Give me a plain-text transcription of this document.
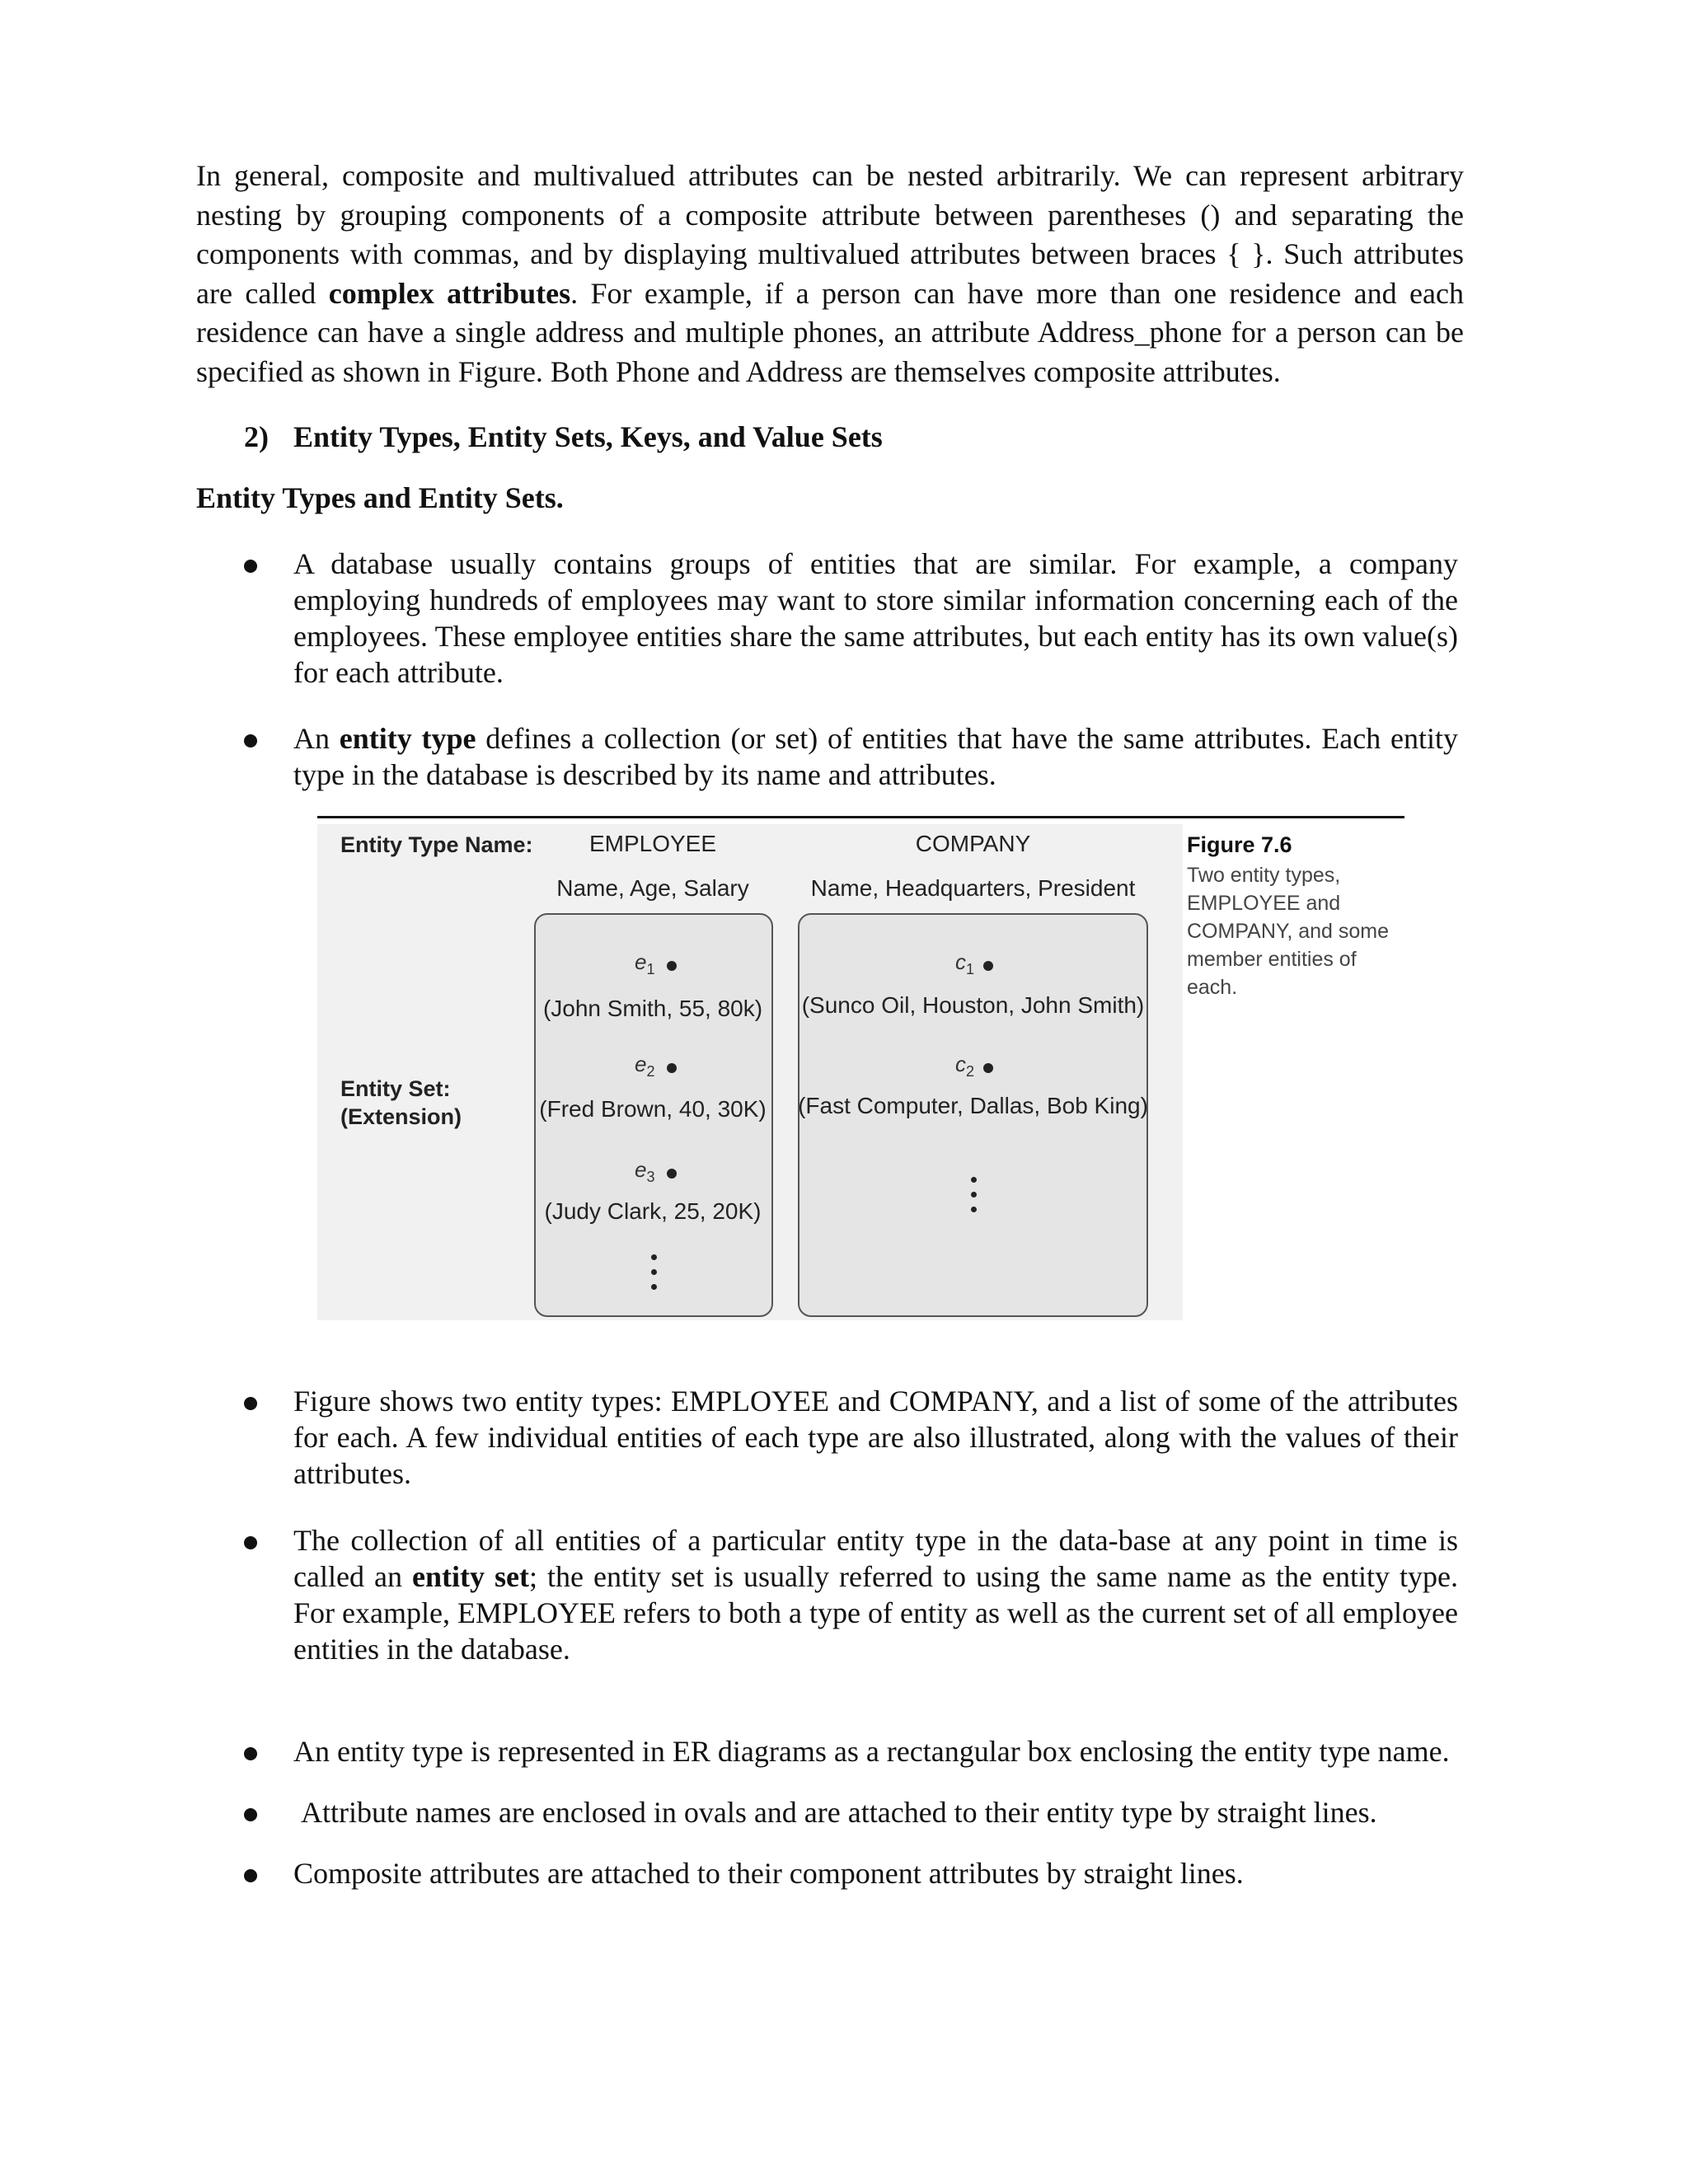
In general, composite and multivalued attributes can be nested arbitrarily. We can represent arbitrary nesting by grouping components of a composite attribute between parentheses () and separating the components with commas, and by displaying multivalued attributes between braces { }. Such attributes are called complex attributes. For example, if a person can have more than one residence and each residence can have a single address and multiple phones, an attribute Address_phone for a person can be specified as shown in Figure. Both Phone and Address are themselves composite attributes.

2) Entity Types, Entity Sets, Keys, and Value Sets

Entity Types and Entity Sets.

A database usually contains groups of entities that are similar. For example, a company employing hundreds of employees may want to store similar information concerning each of the employees. These employee entities share the same attributes, but each entity has its own value(s) for each attribute.

An entity type defines a collection (or set) of entities that have the same attributes. Each entity type in the database is described by its name and attributes.

Entity Type Name:
Entity Set:
(Extension)
EMPLOYEE
Name, Age, Salary
$e_1$
(John Smith, 55, 80k)
$e_2$
(Fred Brown, 40, 30K)
$e_3$
(Judy Clark, 25, 20K)
COMPANY
Name, Headquarters, President
$c_1$
(Sunco Oil, Houston, John Smith)
$c_2$
(Fast Computer, Dallas, Bob King)
Figure 7.6
Two entity types, EMPLOYEE and COMPANY, and some member entities of each.

Figure shows two entity types: EMPLOYEE and COMPANY, and a list of some of the attributes for each. A few individual entities of each type are also illustrated, along with the values of their attributes.

The collection of all entities of a particular entity type in the data-base at any point in time is called an entity set; the entity set is usually referred to using the same name as the entity type. For example, EMPLOYEE refers to both a type of entity as well as the current set of all employee entities in the database.

An entity type is represented in ER diagrams as a rectangular box enclosing the entity type name.

Attribute names are enclosed in ovals and are attached to their entity type by straight lines.

Composite attributes are attached to their component attributes by straight lines.
